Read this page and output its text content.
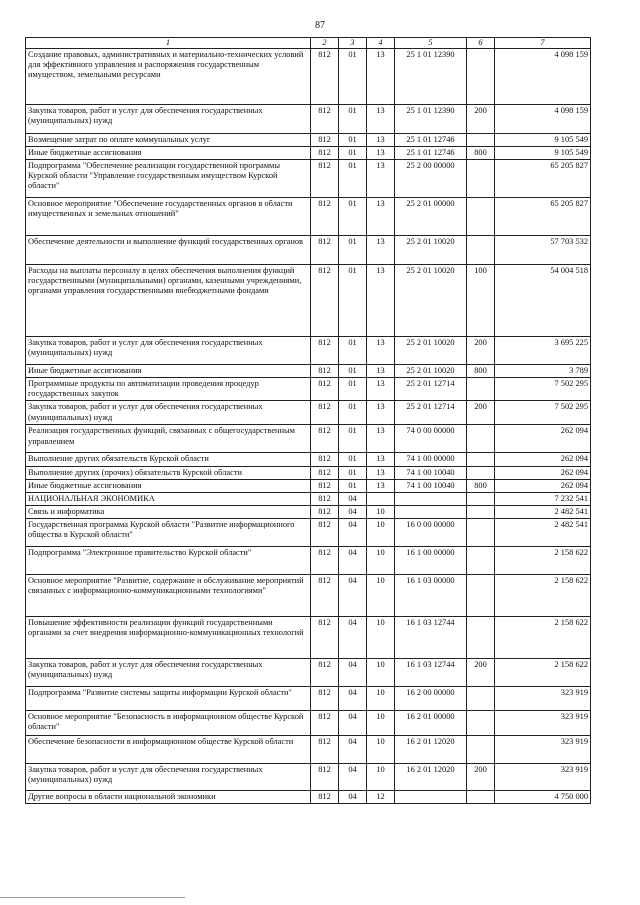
87
1	2	3	4	5	6	7
Создание правовых, административных и материально-технических условий для эффективного управления и распоряжения государственным имуществом, земельными ресурсами	812	01	13	25 1 01 12390		4 098 159
Закупка товаров, работ и услуг для обеспечения государственных (муниципальных) нужд	812	01	13	25 1 01 12390	200	4 098 159
Возмещение затрат по оплате коммунальных услуг	812	01	13	25 1 01 12746		9 105 549
Иные бюджетные ассигнования	812	01	13	25 1 01 12746	800	9 105 549
Подпрограмма "Обеспечение реализации государственной программы Курской области "Управление государственным имуществом Курской области"	812	01	13	25 2 00 00000		65 205 827
Основное мероприятие "Обеспечение государственных органов в области имущественных и земельных отношений"	812	01	13	25 2 01 00000		65 205 827
Обеспечение деятельности и выполнение функций государственных органов	812	01	13	25 2 01 10020		57 703 532
Расходы на выплаты персоналу в целях обеспечения выполнения функций государственными (муниципальными) органами, казенными учреждениями, органами управления государственными внебюджетными фондами	812	01	13	25 2 01 10020	100	54 004 518
Закупка товаров, работ и услуг для обеспечения государственных (муниципальных) нужд	812	01	13	25 2 01 10020	200	3 695 225
Иные бюджетные ассигнования	812	01	13	25 2 01 10020	800	3 789
Программные продукты по автоматизации проведения процедур государственных закупок	812	01	13	25 2 01 12714		7 502 295
Закупка товаров, работ и услуг для обеспечения государственных (муниципальных) нужд	812	01	13	25 2 01 12714	200	7 502 295
Реализация государственных функций, связанных с общегосударственным управлением	812	01	13	74 0 00 00000		262 094
Выполнение других обязательств Курской области	812	01	13	74 1 00 00000		262 094
Выполнение других (прочих) обязательств Курской области	812	01	13	74 1 00 10040		262 094
Иные бюджетные ассигнования	812	01	13	74 1 00 10040	800	262 094
НАЦИОНАЛЬНАЯ ЭКОНОМИКА	812	04				7 232 541
Связь и информатика	812	04	10			2 482 541
Государственная программа Курской области "Развитие информационного общества в Курской области"	812	04	10	16 0 00 00000		2 482 541
Подпрограмма "Электронное правительство Курской области"	812	04	10	16 1 00 00000		2 158 622
Основное мероприятие "Развитие, содержание и обслуживание мероприятий связанных с информационно-коммуникационными технологиями"	812	04	10	16 1 03 00000		2 158 622
Повышение эффективности реализации функций государственными органами за счет внедрения информационно-коммуникационных технологий	812	04	10	16 1 03 12744		2 158 622
Закупка товаров, работ и услуг для обеспечения государственных (муниципальных) нужд	812	04	10	16 1 03 12744	200	2 158 622
Подпрограмма "Развитие системы защиты информации Курской области"	812	04	10	16 2 00 00000		323 919
Основное мероприятие "Безопасность в информационном обществе Курской области"	812	04	10	16 2 01 00000		323 919
Обеспечение безопасности в информационном обществе Курской области	812	04	10	16 2 01 12020		323 919
Закупка товаров, работ и услуг для обеспечения государственных (муниципальных) нужд	812	04	10	16 2 01 12020	200	323 919
Другие вопросы в области национальной экономики	812	04	12			4 750 000
